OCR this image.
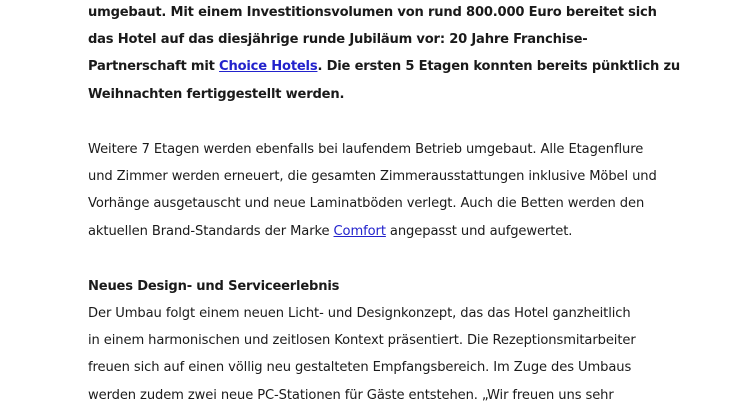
umgebaut. Mit einem Investitionsvolumen von rund 800.000 Euro bereitet sich
das Hotel auf das diesjährige runde Jubiläum vor: 20 Jahre Franchise-
Partnerschaft mit Choice Hotels. Die ersten 5 Etagen konnten bereits pünktlich zu
Weihnachten fertiggestellt werden.
Weitere 7 Etagen werden ebenfalls bei laufendem Betrieb umgebaut. Alle Etagenflure
und Zimmer werden erneuert, die gesamten Zimmerausstattungen inklusive Möbel und
Vorhänge ausgetauscht und neue Laminatböden verlegt. Auch die Betten werden den
aktuellen Brand-Standards der Marke Comfort angepasst und aufgewertet.
Neues Design- und Serviceerlebnis
Der Umbau folgt einem neuen Licht- und Designkonzept, das das Hotel ganzheitlich
in einem harmonischen und zeitlosen Kontext präsentiert. Die Rezeptionsmitarbeiter
freuen sich auf einen völlig neu gestalteten Empfangsbereich. Im Zuge des Umbaus
werden zudem zwei neue PC-Stationen für Gäste entstehen. „Wir freuen uns sehr
